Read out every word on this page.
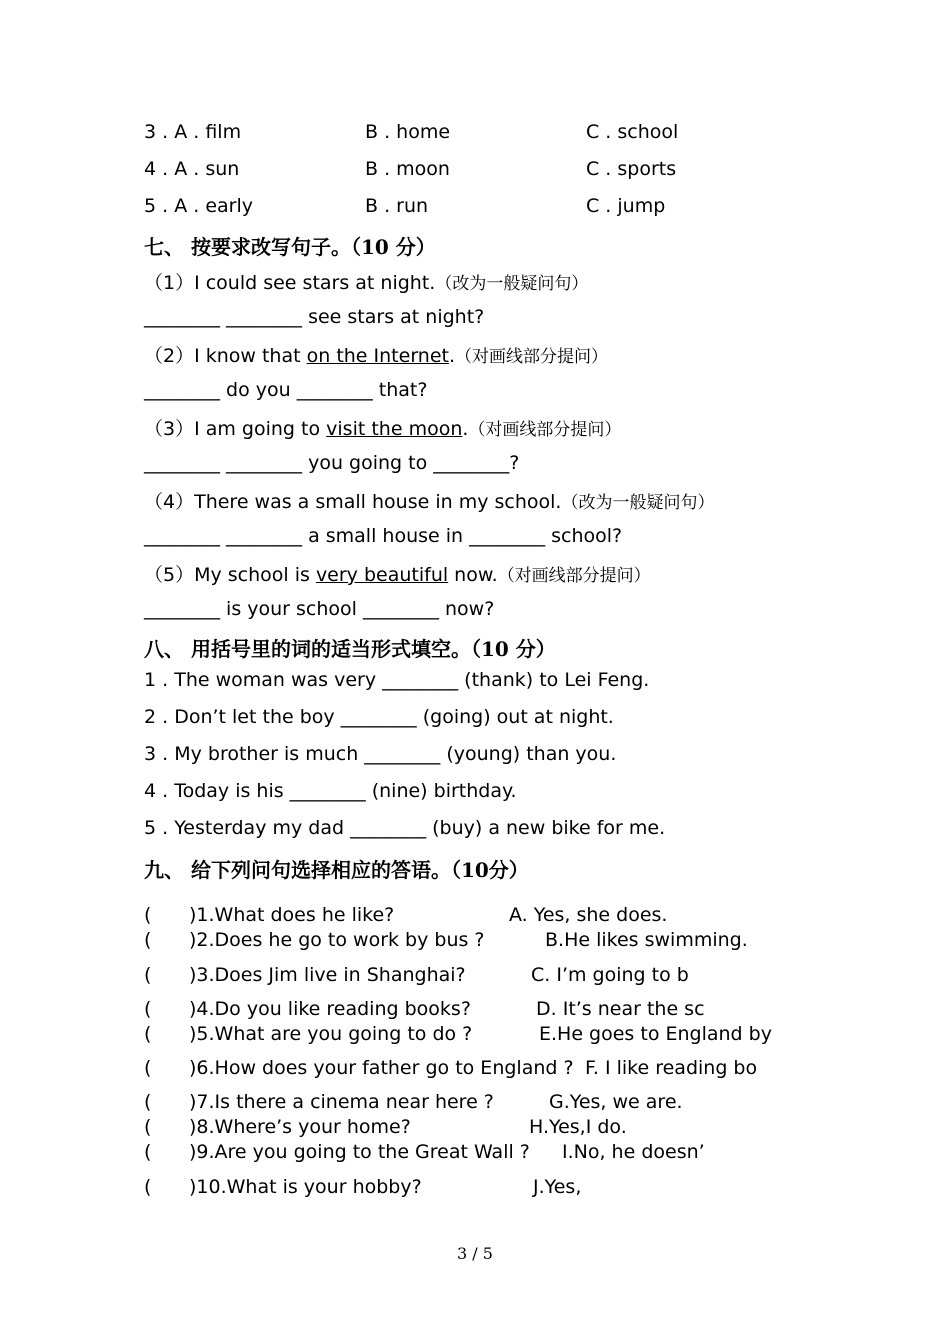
3 . A . film	B . home	C . school
4 . A . sun	B . moon	C . sports
5 . A . early	B . run	C . jump
七、 按要求改写句子。（10 分）
（1）I could see stars at night.（改为一般疑问句）
________ ________ see stars at night?
（2）I know that on the Internet.（对画线部分提问）
________ do you ________ that?
（3）I am going to visit the moon.（对画线部分提问）
________ ________ you going to ________?
（4）There was a small house in my school.（改为一般疑问句）
________ ________ a small house in ________ school?
（5）My school is very beautiful now.（对画线部分提问）
________ is your school ________ now?
八、 用括号里的词的适当形式填空。（10 分）
1 . The woman was very ________ (thank) to Lei Feng.
2 . Don’t let the boy ________ (going) out at night.
3 . My brother is much ________ (young) than you.
4 . Today is his ________ (nine) birthday.
5 . Yesterday my dad ________ (buy) a new bike for me.
九、 给下列问句选择相应的答语。（10分）
( )1.What does he like?	A. Yes, she does.
( )2.Does he go to work by bus ?	B.He likes swimming.
( )3.Does Jim live in Shanghai?	C. I’m going to b
( )4.Do you like reading books?	D. It’s near the sc
( )5.What are you going to do ?	E.He goes to England by
( )6.How does your father go to England ? F. I like reading bo
( )7.Is there a cinema near here ?	G.Yes, we are.
( )8.Where’s your home?	H.Yes,I do.
( )9.Are you going to the Great Wall ? I.No, he doesn’
( )10.What is your hobby?	J.Yes,
3 / 5
